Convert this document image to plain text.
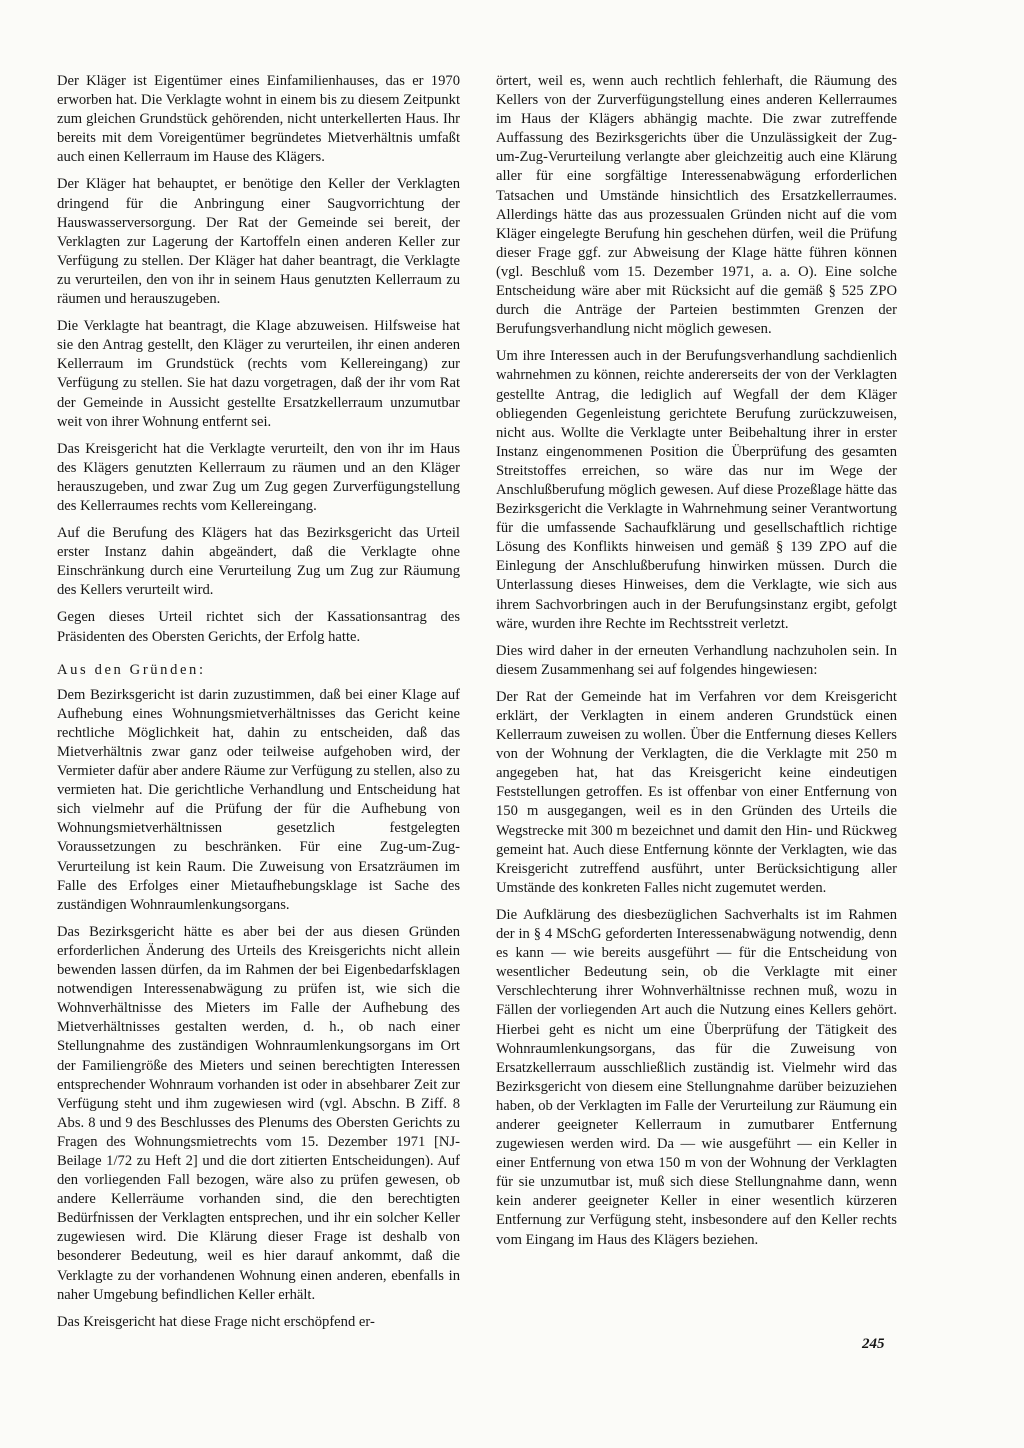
Der Kläger ist Eigentümer eines Einfamilienhauses, das er 1970 erworben hat. Die Verklagte wohnt in einem bis zu diesem Zeitpunkt zum gleichen Grundstück gehörenden, nicht unterkellerten Haus. Ihr bereits mit dem Voreigentümer begründetes Mietverhältnis umfaßt auch einen Kellerraum im Hause des Klägers.

Der Kläger hat behauptet, er benötige den Keller der Verklagten dringend für die Anbringung einer Saugvorrichtung der Hauswasserversorgung. Der Rat der Gemeinde sei bereit, der Verklagten zur Lagerung der Kartoffeln einen anderen Keller zur Verfügung zu stellen. Der Kläger hat daher beantragt, die Verklagte zu verurteilen, den von ihr in seinem Haus genutzten Kellerraum zu räumen und herauszugeben.

Die Verklagte hat beantragt, die Klage abzuweisen. Hilfsweise hat sie den Antrag gestellt, den Kläger zu verurteilen, ihr einen anderen Kellerraum im Grundstück (rechts vom Kellereingang) zur Verfügung zu stellen. Sie hat dazu vorgetragen, daß der ihr vom Rat der Gemeinde in Aussicht gestellte Ersatzkellerraum unzumutbar weit von ihrer Wohnung entfernt sei.

Das Kreisgericht hat die Verklagte verurteilt, den von ihr im Haus des Klägers genutzten Kellerraum zu räumen und an den Kläger herauszugeben, und zwar Zug um Zug gegen Zurverfügungstellung des Kellerraumes rechts vom Kellereingang.

Auf die Berufung des Klägers hat das Bezirksgericht das Urteil erster Instanz dahin abgeändert, daß die Verklagte ohne Einschränkung durch eine Verurteilung Zug um Zug zur Räumung des Kellers verurteilt wird.

Gegen dieses Urteil richtet sich der Kassationsantrag des Präsidenten des Obersten Gerichts, der Erfolg hatte.

Aus den Gründen:

Dem Bezirksgericht ist darin zuzustimmen, daß bei einer Klage auf Aufhebung eines Wohnungsmietverhältnisses das Gericht keine rechtliche Möglichkeit hat, dahin zu entscheiden, daß das Mietverhältnis zwar ganz oder teilweise aufgehoben wird, der Vermieter dafür aber andere Räume zur Verfügung zu stellen, also zu vermieten hat. Die gerichtliche Verhandlung und Entscheidung hat sich vielmehr auf die Prüfung der für die Aufhebung von Wohnungsmietverhältnissen gesetzlich festgelegten Voraussetzungen zu beschränken. Für eine Zug-um-Zug-Verurteilung ist kein Raum. Die Zuweisung von Ersatzräumen im Falle des Erfolges einer Mietaufhebungsklage ist Sache des zuständigen Wohnraumlenkungsorgans.

Das Bezirksgericht hätte es aber bei der aus diesen Gründen erforderlichen Änderung des Urteils des Kreisgerichts nicht allein bewenden lassen dürfen, da im Rahmen der bei Eigenbedarfsklagen notwendigen Interessenabwägung zu prüfen ist, wie sich die Wohnverhältnisse des Mieters im Falle der Aufhebung des Mietverhältnisses gestalten werden, d. h., ob nach einer Stellungnahme des zuständigen Wohnraumlenkungsorgans im Ort der Familiengröße des Mieters und seinen berechtigten Interessen entsprechender Wohnraum vorhanden ist oder in absehbarer Zeit zur Verfügung steht und ihm zugewiesen wird (vgl. Abschn. B Ziff. 8 Abs. 8 und 9 des Beschlusses des Plenums des Obersten Gerichts zu Fragen des Wohnungsmietrechts vom 15. Dezember 1971 [NJ-Beilage 1/72 zu Heft 2] und die dort zitierten Entscheidungen). Auf den vorliegenden Fall bezogen, wäre also zu prüfen gewesen, ob andere Kellerräume vorhanden sind, die den berechtigten Bedürfnissen der Verklagten entsprechen, und ihr ein solcher Keller zugewiesen wird. Die Klärung dieser Frage ist deshalb von besonderer Bedeutung, weil es hier darauf ankommt, daß die Verklagte zu der vorhandenen Wohnung einen anderen, ebenfalls in naher Umgebung befindlichen Keller erhält.

Das Kreisgericht hat diese Frage nicht erschöpfend er-

örtert, weil es, wenn auch rechtlich fehlerhaft, die Räumung des Kellers von der Zurverfügungstellung eines anderen Kellerraumes im Haus der Klägers abhängig machte. Die zwar zutreffende Auffassung des Bezirksgerichts über die Unzulässigkeit der Zug-um-Zug-Verurteilung verlangte aber gleichzeitig auch eine Klärung aller für eine sorgfältige Interessenabwägung erforderlichen Tatsachen und Umstände hinsichtlich des Ersatzkellerraumes. Allerdings hätte das aus prozessualen Gründen nicht auf die vom Kläger eingelegte Berufung hin geschehen dürfen, weil die Prüfung dieser Frage ggf. zur Abweisung der Klage hätte führen können (vgl. Beschluß vom 15. Dezember 1971, a. a. O). Eine solche Entscheidung wäre aber mit Rücksicht auf die gemäß § 525 ZPO durch die Anträge der Parteien bestimmten Grenzen der Berufungsverhandlung nicht möglich gewesen.

Um ihre Interessen auch in der Berufungsverhandlung sachdienlich wahrnehmen zu können, reichte andererseits der von der Verklagten gestellte Antrag, die lediglich auf Wegfall der dem Kläger obliegenden Gegenleistung gerichtete Berufung zurückzuweisen, nicht aus. Wollte die Verklagte unter Beibehaltung ihrer in erster Instanz eingenommenen Position die Überprüfung des gesamten Streitstoffes erreichen, so wäre das nur im Wege der Anschlußberufung möglich gewesen. Auf diese Prozeßlage hätte das Bezirksgericht die Verklagte in Wahrnehmung seiner Verantwortung für die umfassende Sachaufklärung und gesellschaftlich richtige Lösung des Konflikts hinweisen und gemäß § 139 ZPO auf die Einlegung der Anschlußberufung hinwirken müssen. Durch die Unterlassung dieses Hinweises, dem die Verklagte, wie sich aus ihrem Sachvorbringen auch in der Berufungsinstanz ergibt, gefolgt wäre, wurden ihre Rechte im Rechtsstreit verletzt.

Dies wird daher in der erneuten Verhandlung nachzuholen sein. In diesem Zusammenhang sei auf folgendes hingewiesen:

Der Rat der Gemeinde hat im Verfahren vor dem Kreisgericht erklärt, der Verklagten in einem anderen Grundstück einen Kellerraum zuweisen zu wollen. Über die Entfernung dieses Kellers von der Wohnung der Verklagten, die die Verklagte mit 250 m angegeben hat, hat das Kreisgericht keine eindeutigen Feststellungen getroffen. Es ist offenbar von einer Entfernung von 150 m ausgegangen, weil es in den Gründen des Urteils die Wegstrecke mit 300 m bezeichnet und damit den Hin- und Rückweg gemeint hat. Auch diese Entfernung könnte der Verklagten, wie das Kreisgericht zutreffend ausführt, unter Berücksichtigung aller Umstände des konkreten Falles nicht zugemutet werden.

Die Aufklärung des diesbezüglichen Sachverhalts ist im Rahmen der in § 4 MSchG geforderten Interessenabwägung notwendig, denn es kann — wie bereits ausgeführt — für die Entscheidung von wesentlicher Bedeutung sein, ob die Verklagte mit einer Verschlechterung ihrer Wohnverhältnisse rechnen muß, wozu in Fällen der vorliegenden Art auch die Nutzung eines Kellers gehört. Hierbei geht es nicht um eine Überprüfung der Tätigkeit des Wohnraumlenkungsorgans, das für die Zuweisung von Ersatzkellerraum ausschließlich zuständig ist. Vielmehr wird das Bezirksgericht von diesem eine Stellungnahme darüber beizuziehen haben, ob der Verklagten im Falle der Verurteilung zur Räumung ein anderer geeigneter Kellerraum in zumutbarer Entfernung zugewiesen werden wird. Da — wie ausgeführt — ein Keller in einer Entfernung von etwa 150 m von der Wohnung der Verklagten für sie unzumutbar ist, muß sich diese Stellungnahme dann, wenn kein anderer geeigneter Keller in einer wesentlich kürzeren Entfernung zur Verfügung steht, insbesondere auf den Keller rechts vom Eingang im Haus des Klägers beziehen.

245
